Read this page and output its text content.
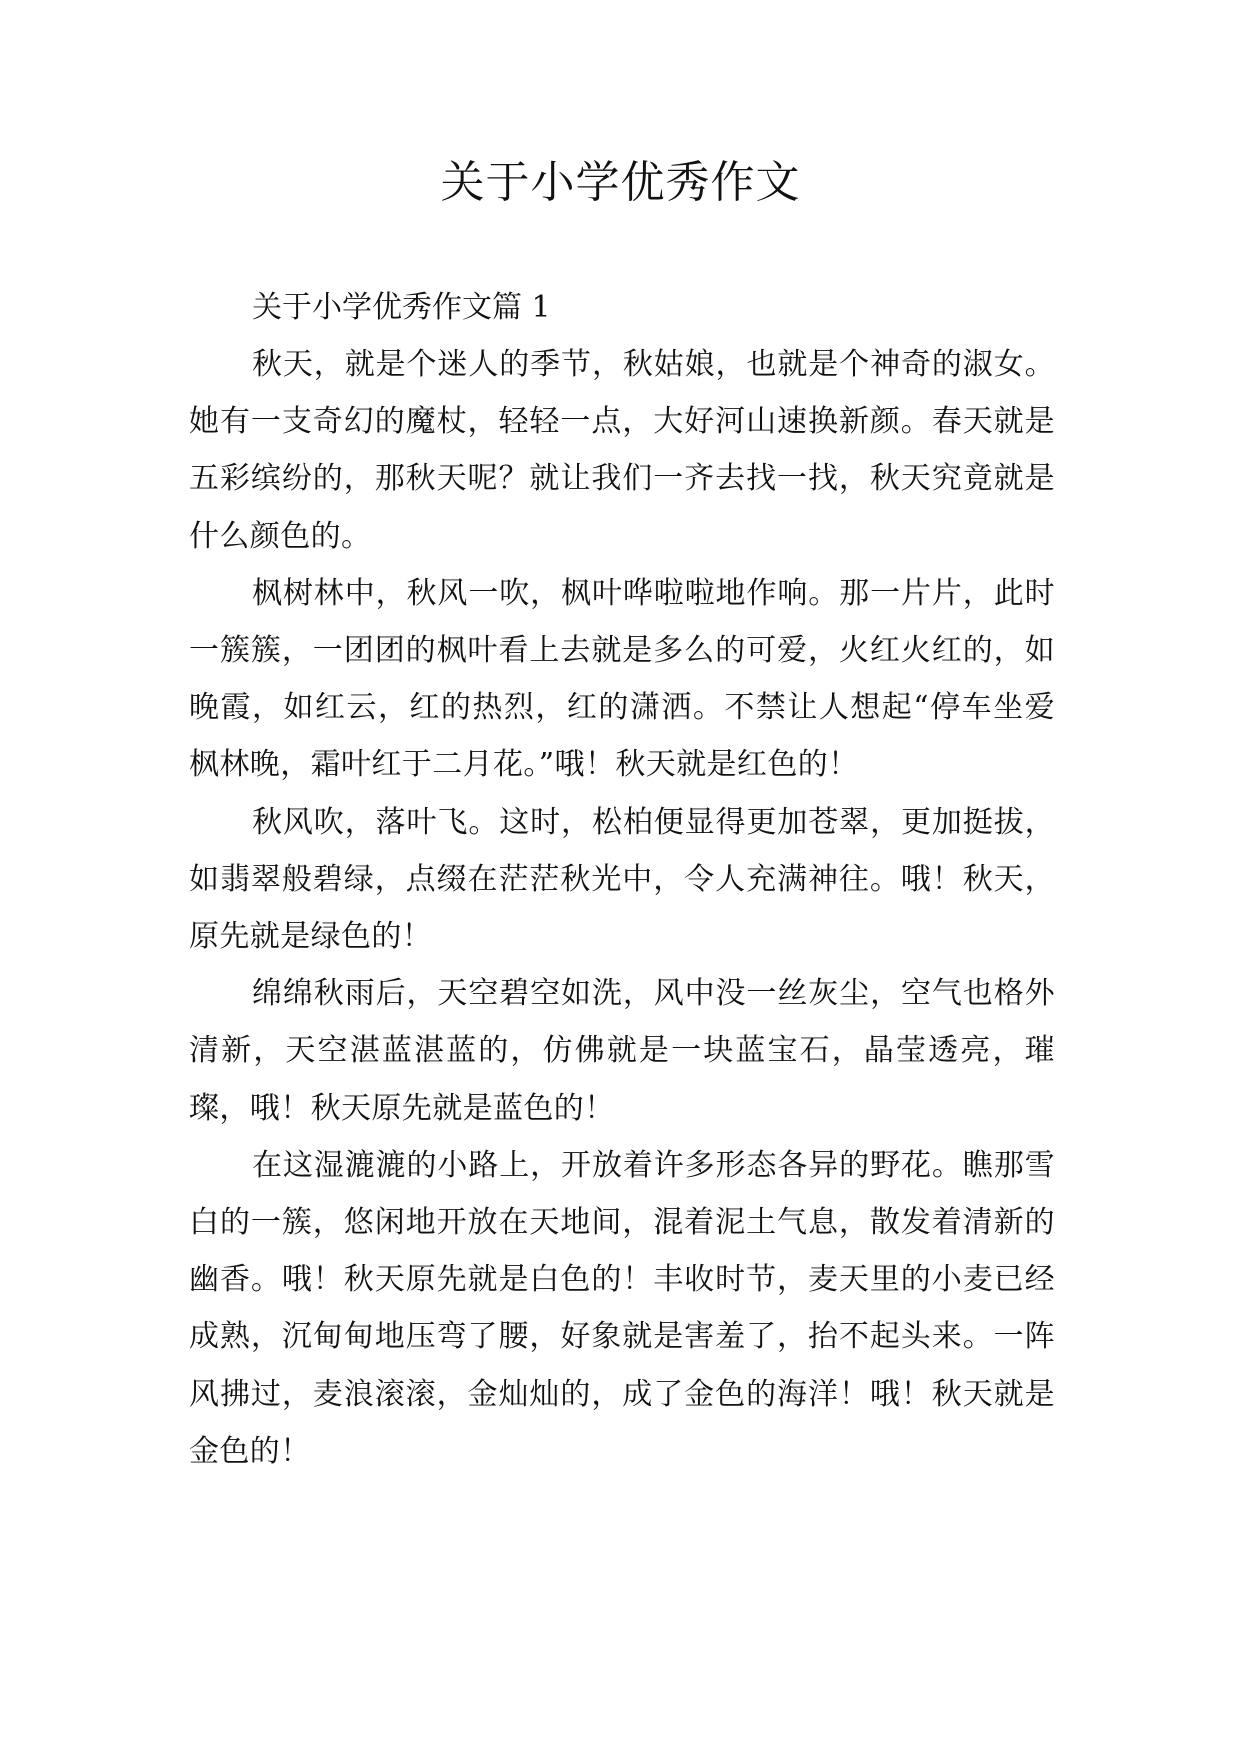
关于小学优秀作文
关于小学优秀作文篇 1

秋天，就是个迷人的季节，秋姑娘，也就是个神奇的淑女。她有一支奇幻的魔杖，轻轻一点，大好河山速换新颜。春天就是五彩缤纷的，那秋天呢？就让我们一齐去找一找，秋天究竟就是什么颜色的。

枫树林中，秋风一吹，枫叶哗啦啦地作响。那一片片，此时一簇簇，一团团的枫叶看上去就是多么的可爱，火红火红的，如晚霞，如红云，红的热烈，红的潇洒。不禁让人想起“停车坐爱枫林晚，霜叶红于二月花。”哦！秋天就是红色的！

秋风吹，落叶飞。这时，松柏便显得更加苍翠，更加挺拔，如翡翠般碧绿，点缀在茫茫秋光中，令人充满神往。哦！秋天，原先就是绿色的！

绵绵秋雨后，天空碧空如洗，风中没一丝灰尘，空气也格外清新，天空湛蓝湛蓝的，仿佛就是一块蓝宝石，晶莹透亮，璀璨，哦！秋天原先就是蓝色的！

在这湿漉漉的小路上，开放着许多形态各异的野花。瞧那雪白的一簇，悠闲地开放在天地间，混着泥土气息，散发着清新的幽香。哦！秋天原先就是白色的！丰收时节，麦天里的小麦已经成熟，沉甸甸地压弯了腰，好象就是害羞了，抬不起头来。一阵风拂过，麦浪滚滚，金灿灿的，成了金色的海洋！哦！秋天就是金色的！
